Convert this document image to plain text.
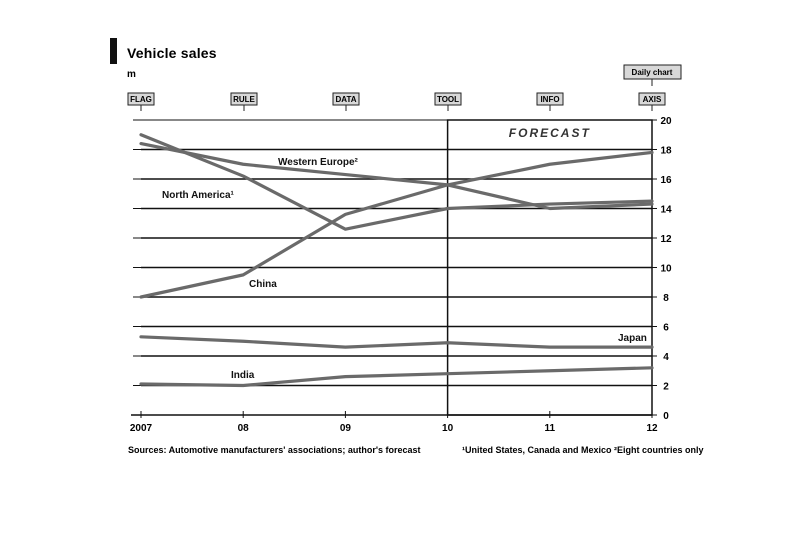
Vehicle sales
m
FORECAST
0
2
4
6
8
10
12
14
16
18
20
2007	08	09	10	11	12
Western Europe²
North America¹
China
Japan
India
FLAG	RULE	DATA	TOOL	INFO	AXIS
Daily chart
Sources: Automotive manufacturers' associations; author's forecast	¹United States, Canada and Mexico ²Eight countries only
